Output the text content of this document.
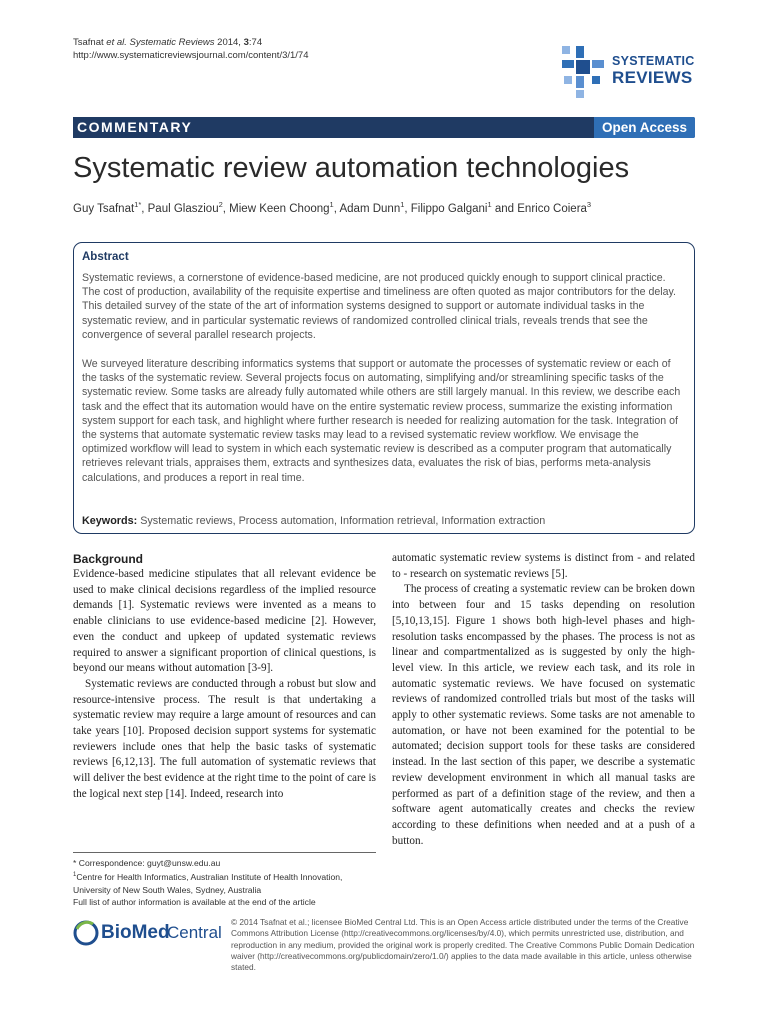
Tsafnat et al. Systematic Reviews 2014, 3:74
http://www.systematicreviewsjournal.com/content/3/1/74	SYSTEMATIC
REVIEWS
COMMENTARY	Open Access
Systematic review automation technologies
Guy Tsafnat$^{1*}$, Paul Glasziou$^2$, Miew Keen Choong$^1$, Adam Dunn$^1$, Filippo Galgani$^1$ and Enrico Coiera$^3$
Abstract
Systematic reviews, a cornerstone of evidence-based medicine, are not produced quickly enough to support clinical practice. The cost of production, availability of the requisite expertise and timeliness are often quoted as major contributors for the delay. This detailed survey of the state of the art of information systems designed to support or automate individual tasks in the systematic review, and in particular systematic reviews of randomized controlled clinical trials, reveals trends that see the convergence of several parallel research projects.
We surveyed literature describing informatics systems that support or automate the processes of systematic review or each of the tasks of the systematic review. Several projects focus on automating, simplifying and/or streamlining specific tasks of the systematic review. Some tasks are already fully automated while others are still largely manual. In this review, we describe each task and the effect that its automation would have on the entire systematic review process, summarize the existing information system support for each task, and highlight where further research is needed for realizing automation for the task. Integration of the systems that automate systematic review tasks may lead to a revised systematic review workflow. We envisage the optimized workflow will lead to system in which each systematic review is described as a computer program that automatically retrieves relevant trials, appraises them, extracts and synthesizes data, evaluates the risk of bias, performs meta-analysis calculations, and produces a report in real time.
Keywords: Systematic reviews, Process automation, Information retrieval, Information extraction
Background

Evidence-based medicine stipulates that all relevant evidence be used to make clinical decisions regardless of the implied resource demands [1]. Systematic reviews were invented as a means to enable clinicians to use evidence-based medicine [2]. However, even the conduct and upkeep of updated systematic reviews required to answer a significant proportion of clinical questions, is beyond our means without automation [3-9].

Systematic reviews are conducted through a robust but slow and resource-intensive process. The result is that undertaking a systematic review may require a large amount of resources and can take years [10]. Proposed decision support systems for systematic reviewers include ones that help the basic tasks of systematic reviews [6,12,13]. The full automation of systematic reviews that will deliver the best evidence at the right time to the point of care is the logical next step [14]. Indeed, research into

automatic systematic review systems is distinct from - and related to - research on systematic reviews [5].

The process of creating a systematic review can be broken down into between four and 15 tasks depending on resolution [5,10,13,15]. Figure 1 shows both high-level phases and high-resolution tasks encompassed by the phases. The process is not as linear and compartmentalized as is suggested by only the high-level view. In this article, we review each task, and its role in automatic systematic reviews. We have focused on systematic reviews of randomized controlled trials but most of the tasks will apply to other systematic reviews. Some tasks are not amenable to automation, or have not been examined for the potential to be automated; decision support tools for these tasks are considered instead. In the last section of this paper, we describe a systematic review development environment in which all manual tasks are performed as part of a definition stage of the review, and then a software agent automatically creates and checks the review according to these definitions when needed and at a push of a button.

* Correspondence: guyt@unsw.edu.au
$^1$Centre for Health Informatics, Australian Institute of Health Innovation, University of New South Wales, Sydney, Australia
Full list of author information is available at the end of the article
BioMed
Central
© 2014 Tsafnat et al.; licensee BioMed Central Ltd. This is an Open Access article distributed under the terms of the Creative Commons Attribution License (http://creativecommons.org/licenses/by/4.0), which permits unrestricted use, distribution, and reproduction in any medium, provided the original work is properly credited. The Creative Commons Public Domain Dedication waiver (http://creativecommons.org/publicdomain/zero/1.0/) applies to the data made available in this article, unless otherwise stated.
